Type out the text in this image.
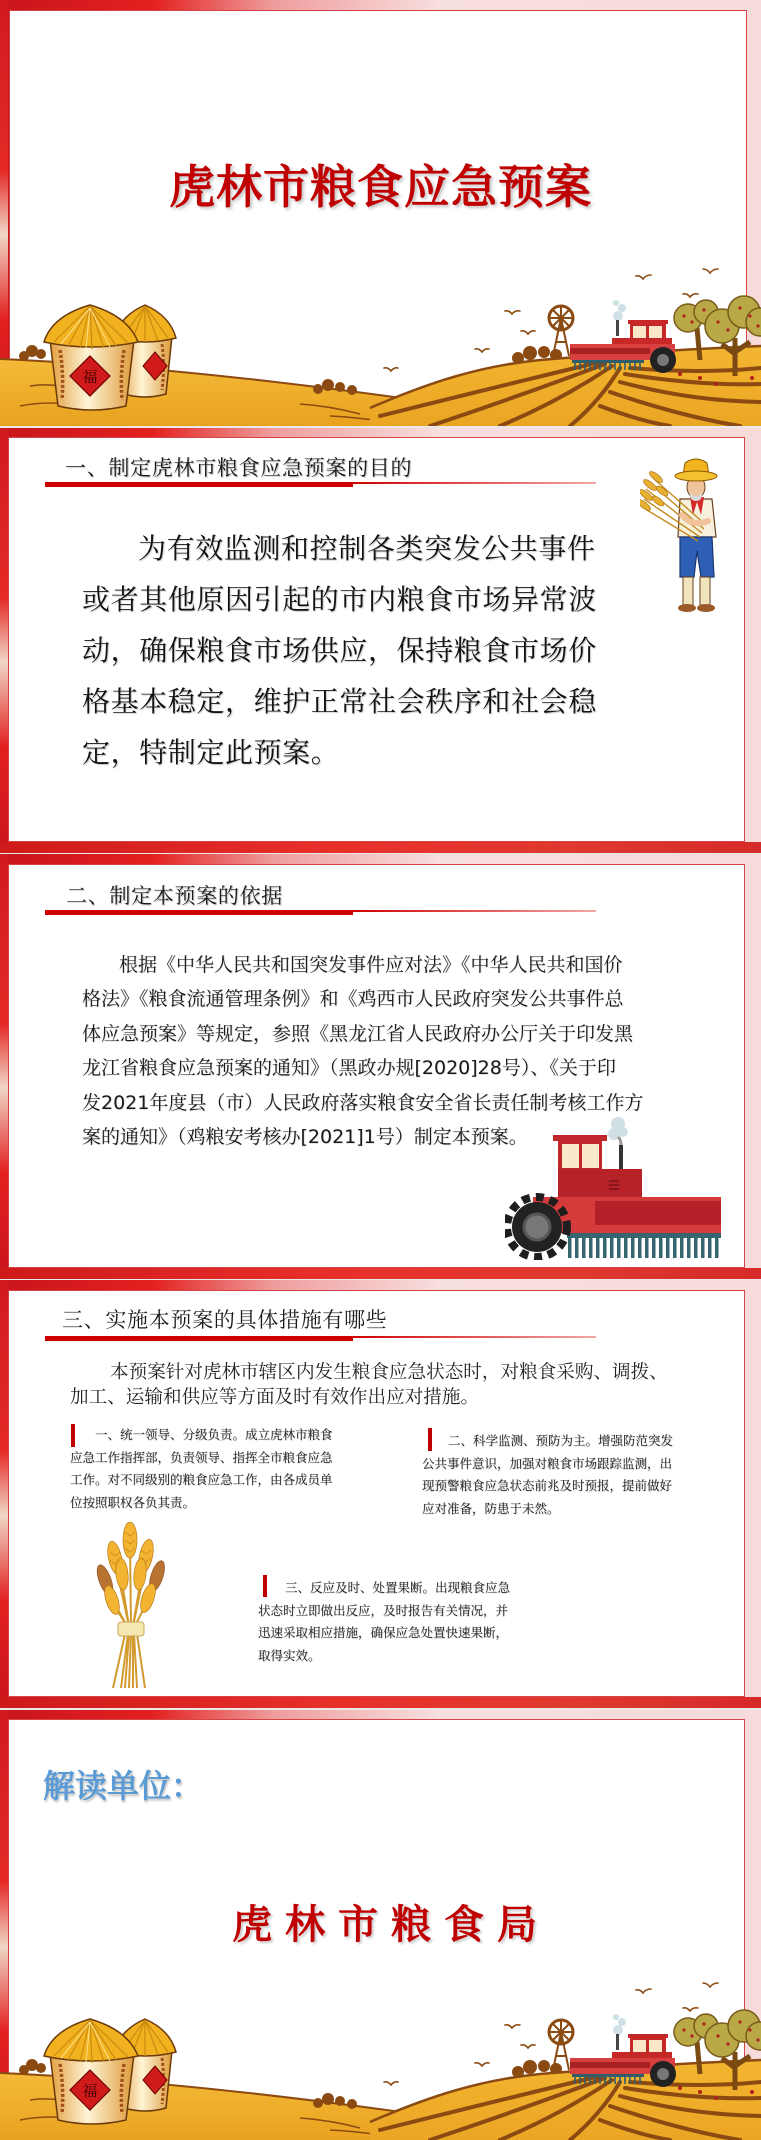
虎林市粮食应急预案
福
一、制定虎林市粮食应急预案的目的
为有效监测和控制各类突发公共事件
或者其他原因引起的市内粮食市场异常波
动，确保粮食市场供应，保持粮食市场价
格基本稳定，维护正常社会秩序和社会稳
定，特制定此预案。
二、制定本预案的依据
根据《中华人民共和国突发事件应对法》《中华人民共和国价
格法》《粮食流通管理条例》和《鸡西市人民政府突发公共事件总
体应急预案》等规定，参照《黑龙江省人民政府办公厅关于印发黑
龙江省粮食应急预案的通知》（黑政办规[2020]28号）、《关于印
发2021年度县（市）人民政府落实粮食安全省长责任制考核工作方
案的通知》（鸡粮安考核办[2021]1号）制定本预案。
三、实施本预案的具体措施有哪些
本预案针对虎林市辖区内发生粮食应急状态时，对粮食采购、调拨、
加工、运输和供应等方面及时有效作出应对措施。
一、统一领导、分级负责。成立虎林市粮食
应急工作指挥部，负责领导、指挥全市粮食应急
工作。对不同级别的粮食应急工作，由各成员单
位按照职权各负其责。
二、科学监测、预防为主。增强防范突发
公共事件意识，加强对粮食市场跟踪监测，出
现预警粮食应急状态前兆及时预报，提前做好
应对准备，防患于未然。
三、反应及时、处置果断。出现粮食应急
状态时立即做出反应，及时报告有关情况，并
迅速采取相应措施，确保应急处置快速果断，
取得实效。
解读单位：
虎林市粮食局
福
